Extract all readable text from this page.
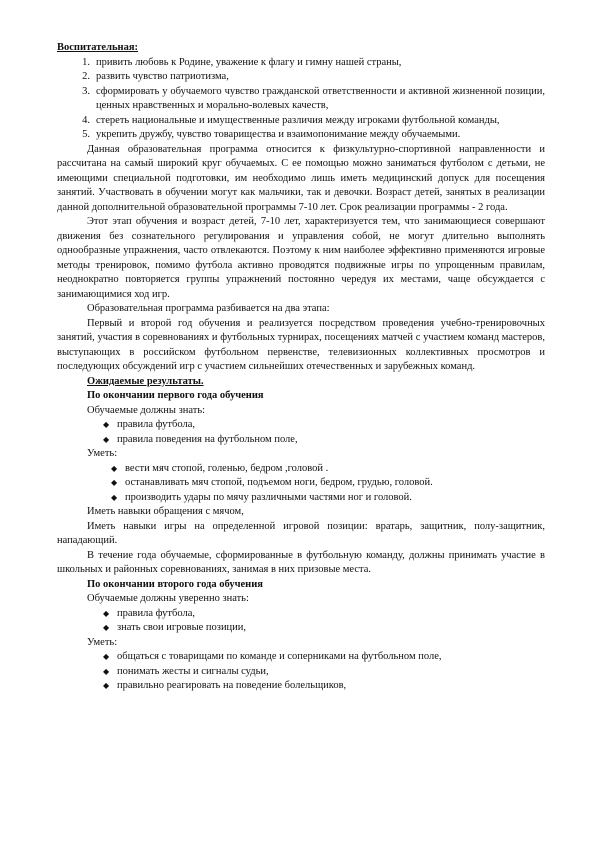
Воспитательная:

1. привить любовь к Родине, уважение к флагу и гимну нашей страны,
2. развить чувство патриотизма,
3. сформировать у обучаемого чувство гражданской ответственности и активной жизненной позиции, ценных нравственных и морально-волевых качеств,
4. стереть национальные и имущественные различия между игроками футбольной команды,
5. укрепить дружбу, чувство товарищества и взаимопонимание между обучаемыми.

Данная образовательная программа относится к физкультурно-спортивной направленности и рассчитана на самый широкий круг обучаемых. С ее помощью можно заниматься футболом с детьми, не имеющими специальной подготовки, им необходимо лишь иметь медицинский допуск для посещения занятий. Участвовать в обучении могут как мальчики, так и девочки. Возраст детей, занятых в реализации данной дополнительной образовательной программы 7-10 лет. Срок реализации программы - 2 года.

Этот этап обучения и возраст детей, 7-10 лет, характеризуется тем, что занимающиеся совершают движения без сознательного регулирования и управления собой, не могут длительно выполнять однообразные упражнения, часто отвлекаются. Поэтому к ним наиболее эффективно применяются игровые методы тренировок, помимо футбола активно проводятся подвижные игры по упрощенным правилам, неоднократно повторяется группы упражнений постоянно чередуя их местами, чаще обсуждается с занимающимися ход игр.

Образовательная программа разбивается на два этапа:

Первый и второй год обучения и реализуется посредством проведения учебно-тренировочных занятий, участия в соревнованиях и футбольных турнирах, посещениях матчей с участием команд мастеров, выступающих в российском футбольном первенстве, телевизионных коллективных просмотров и последующих обсуждений игр с участием сильнейших отечественных и зарубежных команд.

Ожидаемые результаты.

По окончании первого года обучения

Обучаемые должны знать:

◆ правила футбола,
◆ правила поведения на футбольном поле,

Уметь:

◆ вести мяч стопой, голенью, бедром ,головой .
◆ останавливать мяч стопой, подъемом ноги, бедром, грудью, головой.
◆ производить удары по мячу различными частями ног и головой.

Иметь навыки обращения с мячом,

Иметь навыки игры на определенной игровой позиции: вратарь, защитник, полу-защитник, нападающий.

В течение года обучаемые, сформированные в футбольную команду, должны принимать участие в школьных и районных соревнованиях, занимая в них призовые места.

По окончании второго года обучения

Обучаемые должны уверенно знать:

◆ правила футбола,
◆ знать свои игровые позиции,

Уметь:

◆ общаться с товарищами по команде и соперниками на футбольном поле,
◆ понимать жесты и сигналы судьи,
◆ правильно реагировать на поведение болельщиков,
